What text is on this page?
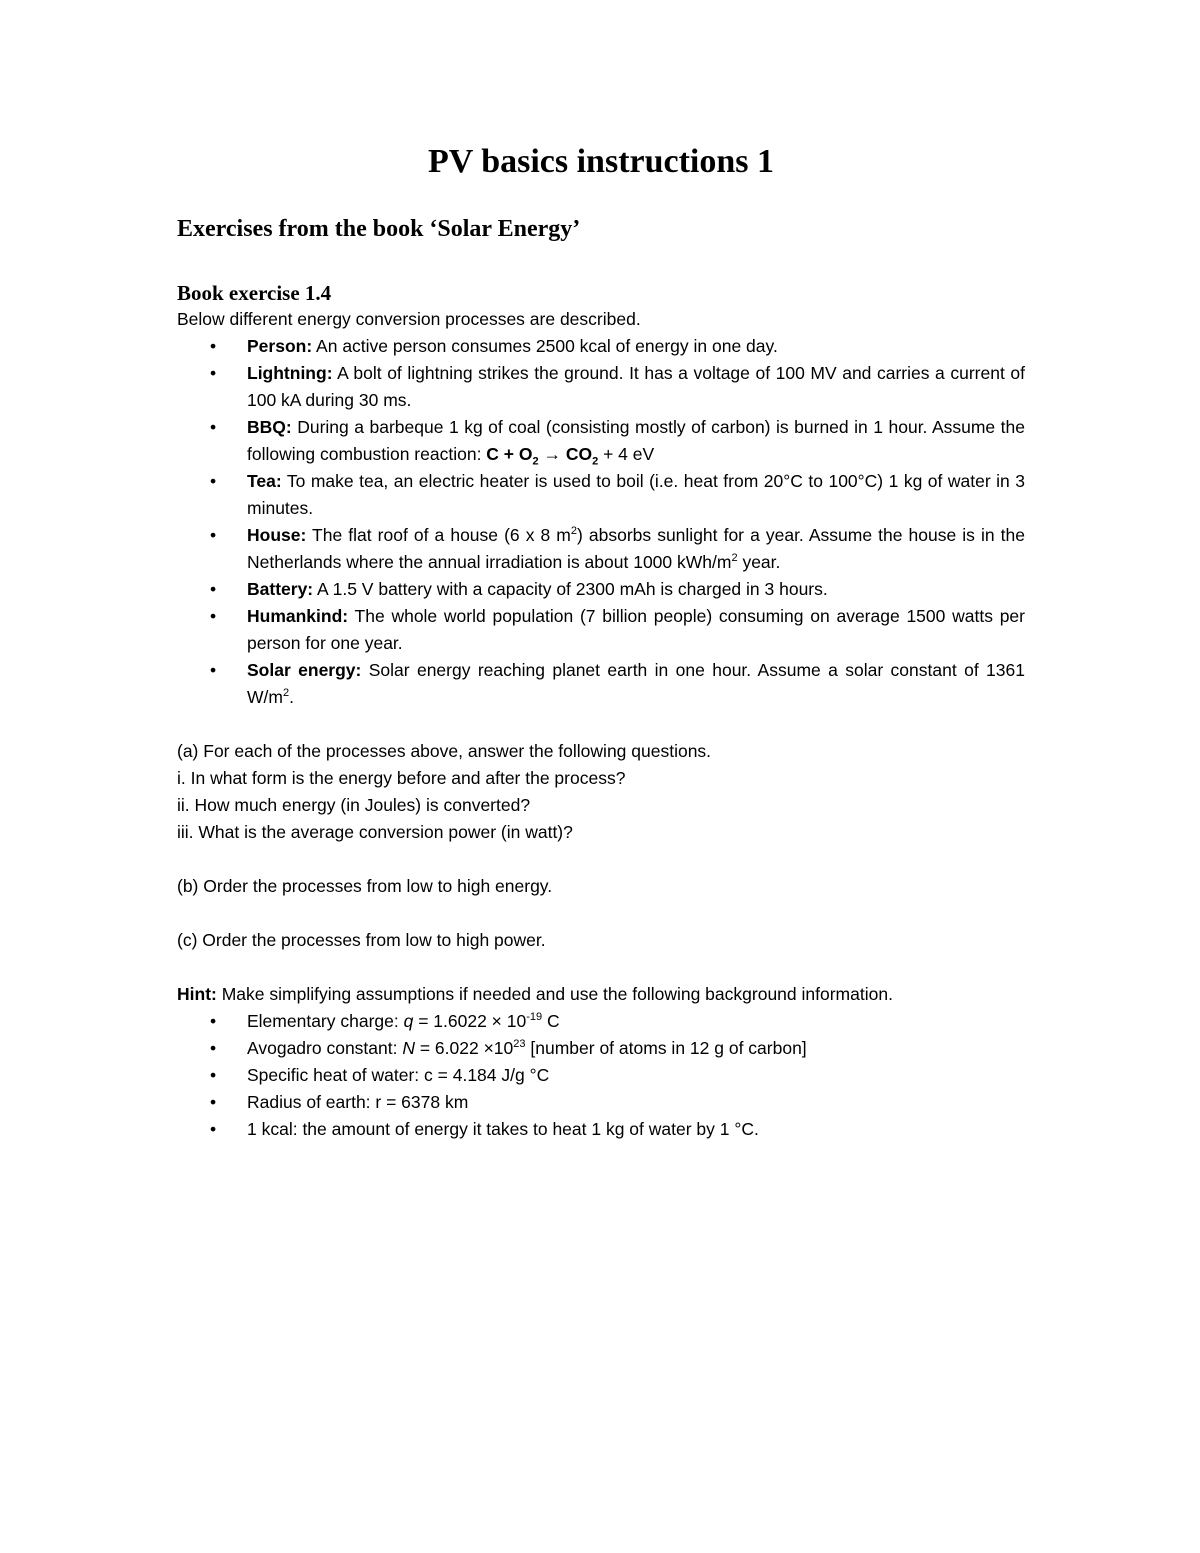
PV basics instructions 1
Exercises from the book ‘Solar Energy’
Book exercise 1.4

Below different energy conversion processes are described.

• Person: An active person consumes 2500 kcal of energy in one day.
• Lightning: A bolt of lightning strikes the ground. It has a voltage of 100 MV and carries a current of 100 kA during 30 ms.
• BBQ: During a barbeque 1 kg of coal (consisting mostly of carbon) is burned in 1 hour. Assume the following combustion reaction: $C + O_2 \to CO_2 + 4$ eV
• Tea: To make tea, an electric heater is used to boil (i.e. heat from 20°C to 100°C) 1 kg of water in 3 minutes.
• House: The flat roof of a house (6 x 8 $m^2$) absorbs sunlight for a year. Assume the house is in the Netherlands where the annual irradiation is about 1000 kWh/$m^2$ year.
• Battery: A 1.5 V battery with a capacity of 2300 mAh is charged in 3 hours.
• Humankind: The whole world population (7 billion people) consuming on average 1500 watts per person for one year.
• Solar energy: Solar energy reaching planet earth in one hour. Assume a solar constant of 1361 $W/m^2$.

(a) For each of the processes above, answer the following questions.

i. In what form is the energy before and after the process?

ii. How much energy (in Joules) is converted?

iii. What is the average conversion power (in watt)?

(b) Order the processes from low to high energy.

(c) Order the processes from low to high power.

Hint: Make simplifying assumptions if needed and use the following background information.

• Elementary charge: $q = 1.6022 \times 10^{-19}$ C
• Avogadro constant: $N = 6.022 \times 10^{23}$ [number of atoms in 12 g of carbon]
• Specific heat of water: c = 4.184 J/g °C
• Radius of earth: r = 6378 km
• 1 kcal: the amount of energy it takes to heat 1 kg of water by 1 °C.
